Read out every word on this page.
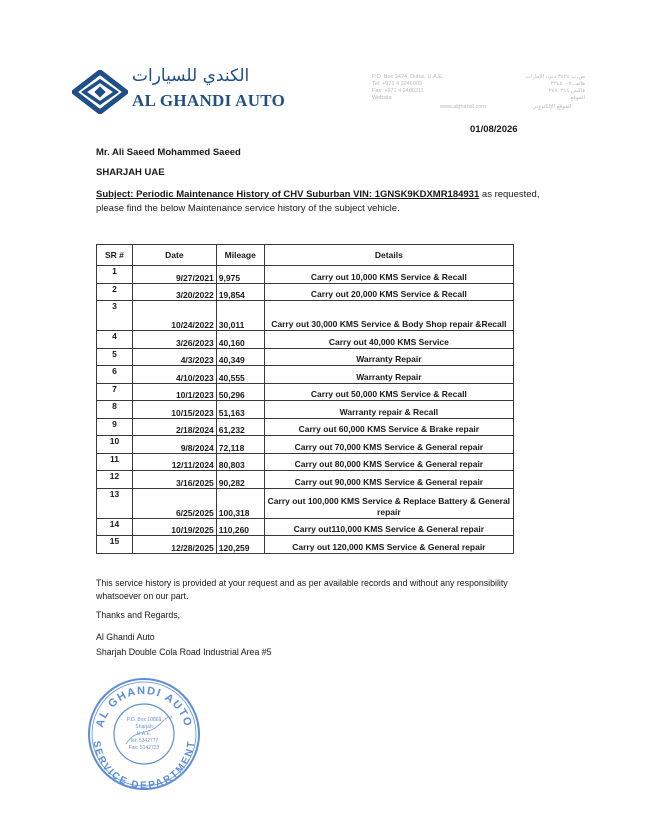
الكندي للسيارات
AL GHANDI AUTO
P.O. Box 3424, Dubai, U.A.E.
Tel: +971 4 3245005
Fax: +971 4 2480211
Website
www.alghandi.com
ص.ب ٣٤٢٤ دبي، الإمارات
هاتف ٣٢٤٥٠٠٥
فاكس ٢٤٨٠٢١١
الموقع
الموقع الإلكتروني
01/08/2026
Mr. Ali Saeed Mohammed Saeed
SHARJAH UAE
Subject: Periodic Maintenance History of CHV Suburban VIN: 1GNSK9KDXMR184931 as requested, please find the below Maintenance service history of the subject vehicle.
SR #	Date	Mileage	Details
1	9/27/2021	9,975	Carry out 10,000 KMS Service & Recall
2	3/20/2022	19,854	Carry out 20,000 KMS Service & Recall
3	10/24/2022	30,011	Carry out 30,000 KMS Service & Body Shop repair &Recall
4	3/26/2023	40,160	Carry out 40,000 KMS Service
5	4/3/2023	40,349	Warranty Repair
6	4/10/2023	40,555	Warranty Repair
7	10/1/2023	50,296	Carry out 50,000 KMS Service & Recall
8	10/15/2023	51,163	Warranty repair & Recall
9	2/18/2024	61,232	Carry out 60,000 KMS Service & Brake repair
10	9/8/2024	72,118	Carry out 70,000 KMS Service & General repair
11	12/11/2024	80,803	Carry out 80,000 KMS Service & General repair
12	3/16/2025	90,282	Carry out 90,000 KMS Service & General repair
13	6/25/2025	100,318	Carry out 100,000 KMS Service & Replace Battery & General repair
14	10/19/2025	110,260	Carry out110,000 KMS Service & General repair
15	12/28/2025	120,259	Carry out 120,000 KMS Service & General repair
This service history is provided at your request and as per available records and without any responsibility whatsoever on our part.
Thanks and Regards,
Al Ghandi Auto
Sharjah Double Cola Road Industrial Area #5
AL GHANDI AUTO
SERVICE DEPARTMENT
P.O. Box 10869
Sharjah
U.A.E.
Tel: 5342777
Fax: 5142723
